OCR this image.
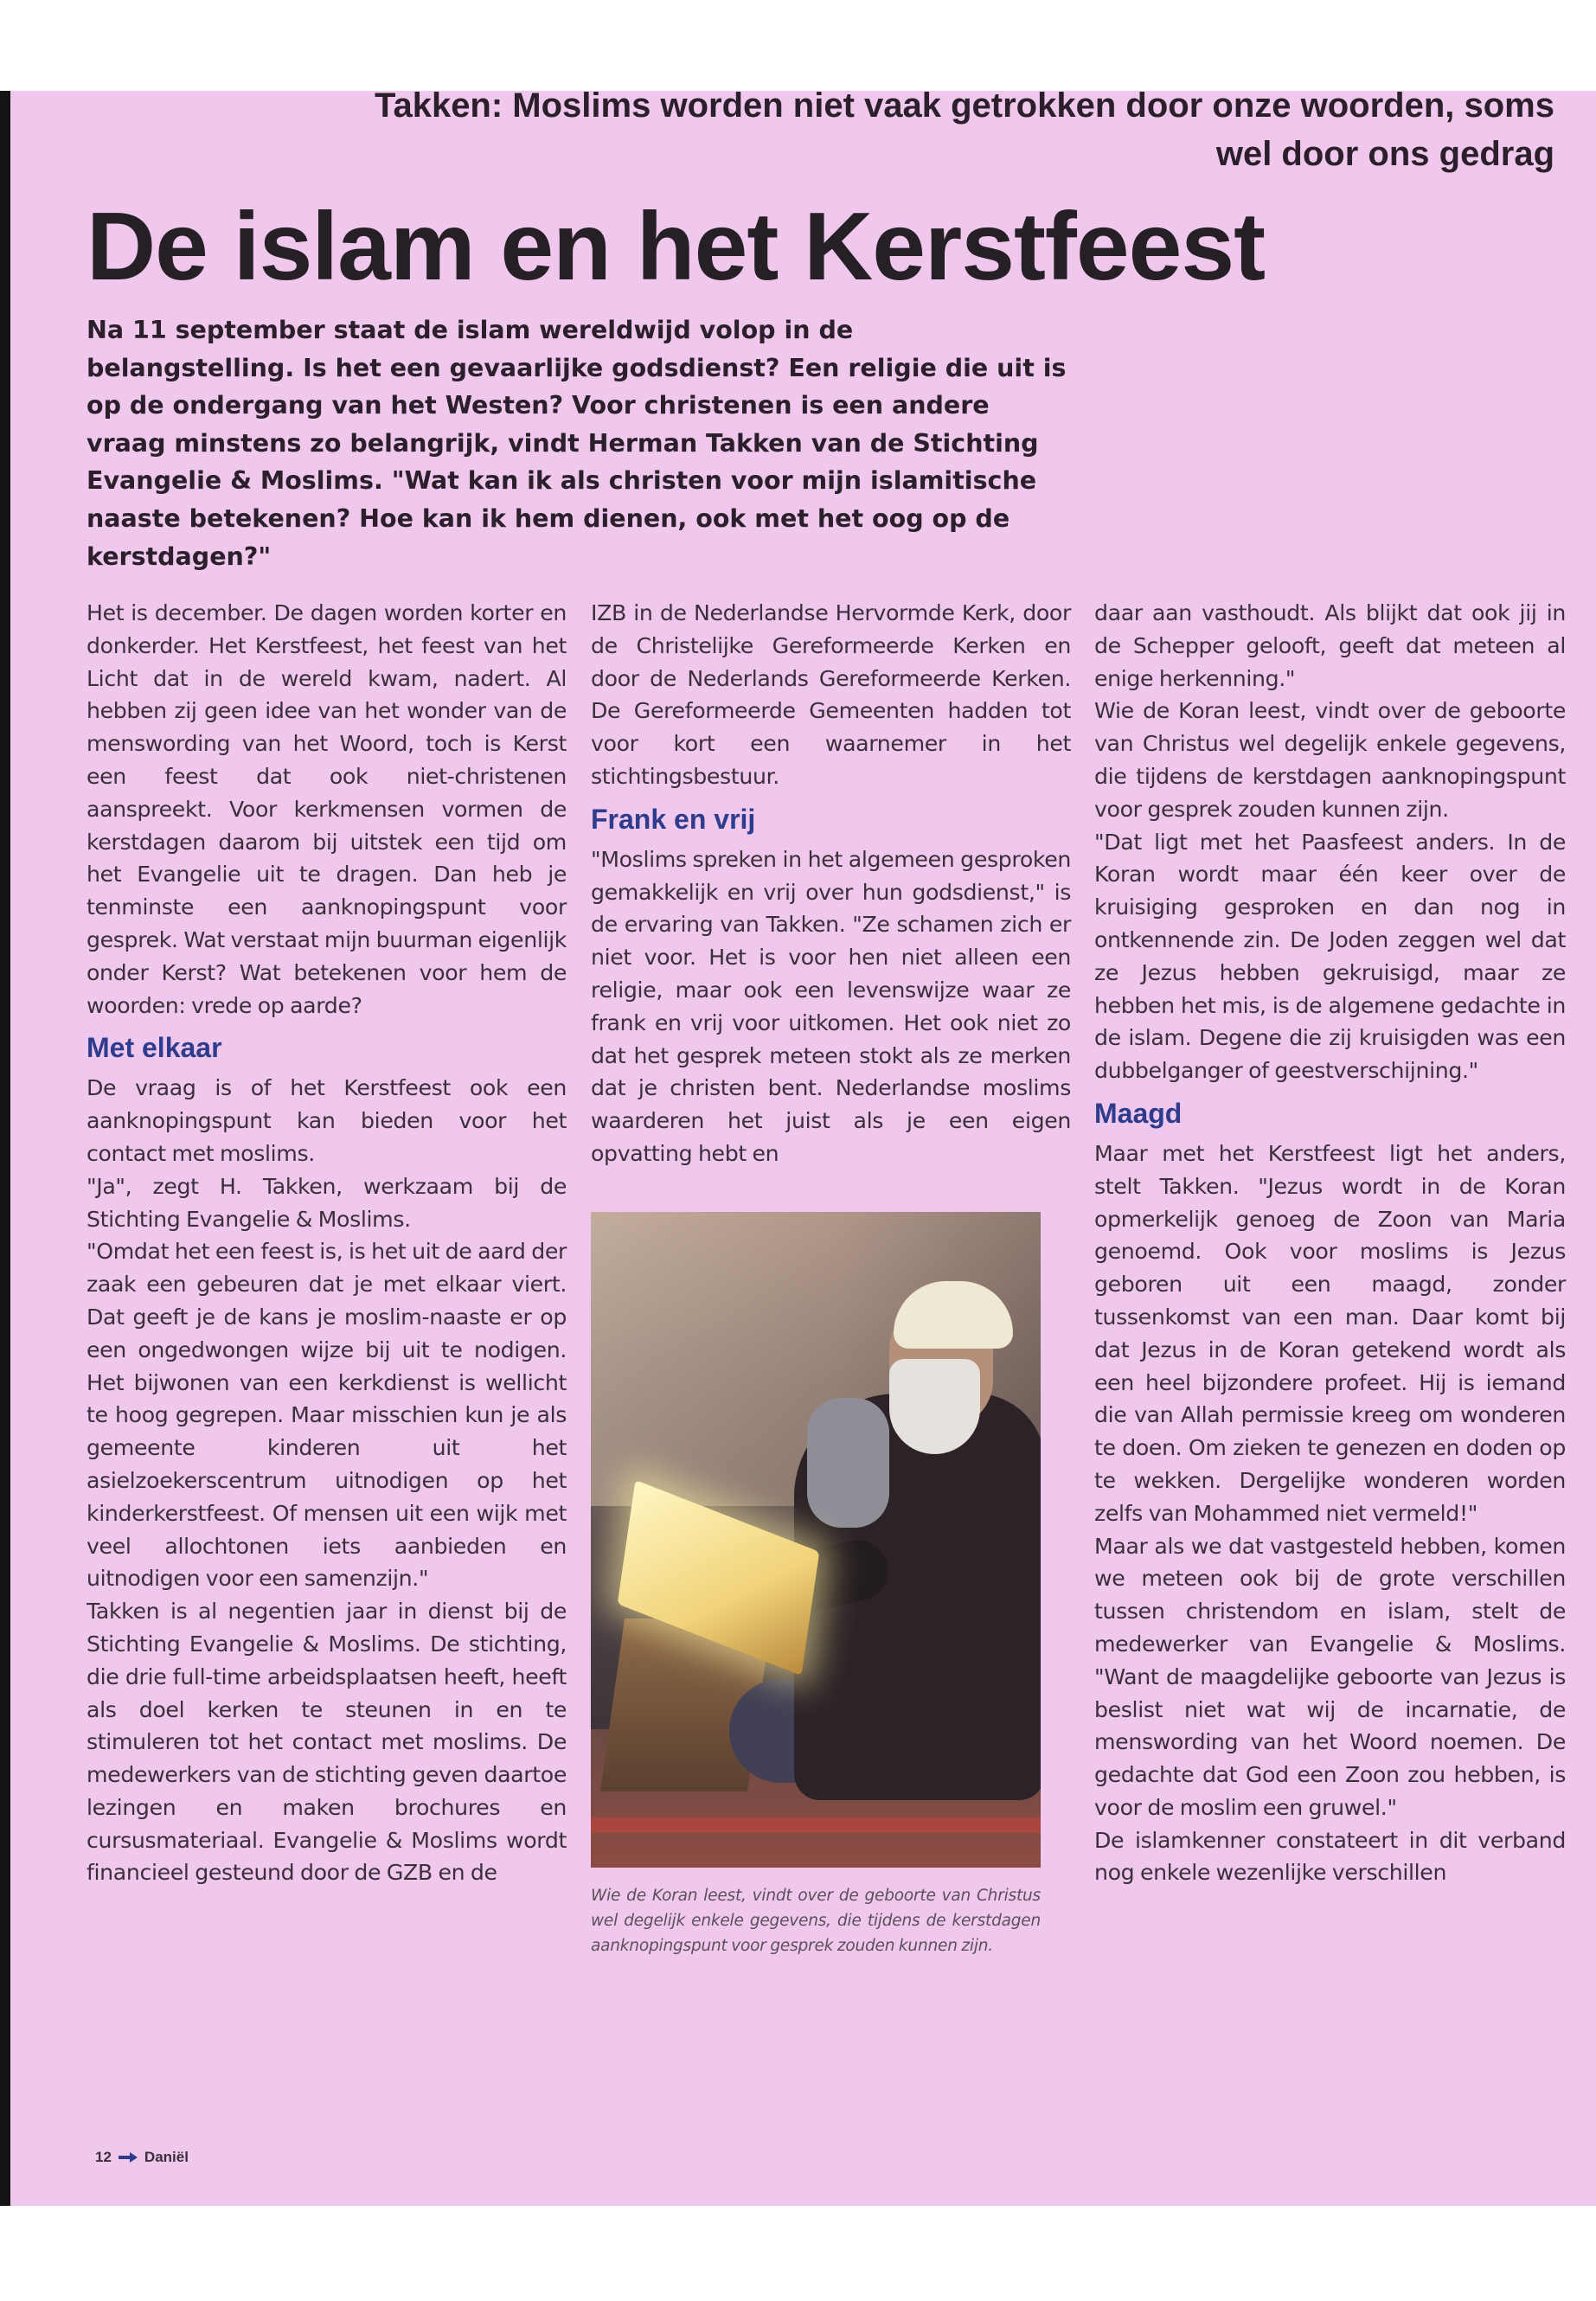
Takken: Moslims worden niet vaak getrokken door onze woorden, soms wel door ons gedrag
De islam en het Kerstfeest

Na 11 september staat de islam wereldwijd volop in de belangstelling. Is het een gevaarlijke godsdienst? Een religie die uit is op de ondergang van het Westen? Voor christenen is een andere vraag minstens zo belangrijk, vindt Herman Takken van de Stichting Evangelie & Moslims. "Wat kan ik als christen voor mijn islamitische naaste betekenen? Hoe kan ik hem dienen, ook met het oog op de kerstdagen?"

Het is december. De dagen worden korter en donkerder. Het Kerstfeest, het feest van het Licht dat in de wereld kwam, nadert. Al hebben zij geen idee van het wonder van de menswording van het Woord, toch is Kerst een feest dat ook niet-christenen aanspreekt. Voor kerkmensen vormen de kerstdagen daarom bij uitstek een tijd om het Evangelie uit te dragen. Dan heb je tenminste een aanknopingspunt voor gesprek. Wat verstaat mijn buurman eigenlijk onder Kerst? Wat betekenen voor hem de woorden: vrede op aarde?

Met elkaar

De vraag is of het Kerstfeest ook een aanknopingspunt kan bieden voor het contact met moslims.

"Ja", zegt H. Takken, werkzaam bij de Stichting Evangelie & Moslims.

"Omdat het een feest is, is het uit de aard der zaak een gebeuren dat je met elkaar viert. Dat geeft je de kans je moslim-naaste er op een ongedwongen wijze bij uit te nodigen. Het bijwonen van een kerkdienst is wellicht te hoog gegrepen. Maar misschien kun je als gemeente kinderen uit het asielzoekerscentrum uitnodigen op het kinderkerstfeest. Of mensen uit een wijk met veel allochtonen iets aanbieden en uitnodigen voor een samenzijn."

Takken is al negentien jaar in dienst bij de Stichting Evangelie & Moslims. De stichting, die drie full-time arbeidsplaatsen heeft, heeft als doel kerken te steunen in en te stimuleren tot het contact met moslims. De medewerkers van de stichting geven daartoe lezingen en maken brochures en cursusmateriaal. Evangelie & Moslims wordt financieel gesteund door de GZB en de

IZB in de Nederlandse Hervormde Kerk, door de Christelijke Gereformeerde Kerken en door de Nederlands Gereformeerde Kerken. De Gereformeerde Gemeenten hadden tot voor kort een waarnemer in het stichtingsbestuur.

Frank en vrij

"Moslims spreken in het algemeen gesproken gemakkelijk en vrij over hun godsdienst," is de ervaring van Takken. "Ze schamen zich er niet voor. Het is voor hen niet alleen een religie, maar ook een levenswijze waar ze frank en vrij voor uitkomen. Het ook niet zo dat het gesprek meteen stokt als ze merken dat je christen bent. Nederlandse moslims waarderen het juist als je een eigen opvatting hebt en

Wie de Koran leest, vindt over de geboorte van Christus wel degelijk enkele gegevens, die tijdens de kerstdagen aanknopingspunt voor gesprek zouden kunnen zijn.

daar aan vasthoudt. Als blijkt dat ook jij in de Schepper gelooft, geeft dat meteen al enige herkenning."

Wie de Koran leest, vindt over de geboorte van Christus wel degelijk enkele gegevens, die tijdens de kerstdagen aanknopingspunt voor gesprek zouden kunnen zijn.

"Dat ligt met het Paasfeest anders. In de Koran wordt maar één keer over de kruisiging gesproken en dan nog in ontkennende zin. De Joden zeggen wel dat ze Jezus hebben gekruisigd, maar ze hebben het mis, is de algemene gedachte in de islam. Degene die zij kruisigden was een dubbelganger of geestverschijning."

Maagd

Maar met het Kerstfeest ligt het anders, stelt Takken. "Jezus wordt in de Koran opmerkelijk genoeg de Zoon van Maria genoemd. Ook voor moslims is Jezus geboren uit een maagd, zonder tussenkomst van een man. Daar komt bij dat Jezus in de Koran getekend wordt als een heel bijzondere profeet. Hij is iemand die van Allah permissie kreeg om wonderen te doen. Om zieken te genezen en doden op te wekken. Dergelijke wonderen worden zelfs van Mohammed niet vermeld!"

Maar als we dat vastgesteld hebben, komen we meteen ook bij de grote verschillen tussen christendom en islam, stelt de medewerker van Evangelie & Moslims. "Want de maagdelijke geboorte van Jezus is beslist niet wat wij de incarnatie, de menswording van het Woord noemen. De gedachte dat God een Zoon zou hebben, is voor de moslim een gruwel."

De islamkenner constateert in dit verband nog enkele wezenlijke verschillen

12 Daniël
